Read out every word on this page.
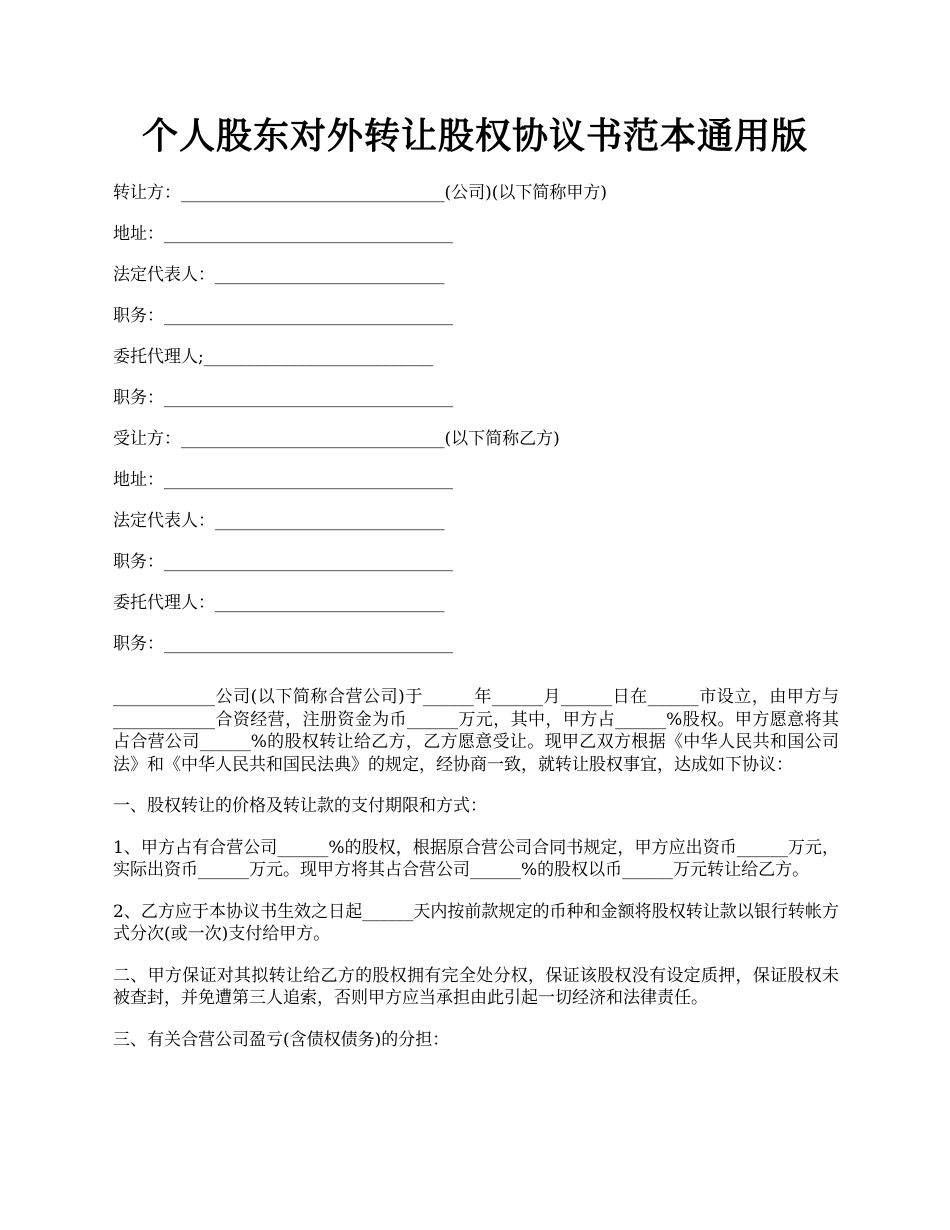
个人股东对外转让股权协议书范本通用版
转让方：_______________________________(公司)(以下简称甲方)
地址：__________________________________
法定代表人：___________________________
职务：__________________________________
委托代理人;___________________________
职务：__________________________________
受让方：_______________________________(以下简称乙方)
地址：__________________________________
法定代表人：___________________________
职务：__________________________________
委托代理人：___________________________
职务：__________________________________

____________公司(以下简称合营公司)于______年______月______日在______市设立，由甲方与____________合资经营，注册资金为币______万元，其中，甲方占______%股权。甲方愿意将其占合营公司______%的股权转让给乙方，乙方愿意受让。现甲乙双方根据《中华人民共和国公司法》和《中华人民共和国民法典》的规定，经协商一致，就转让股权事宜，达成如下协议：

一、股权转让的价格及转让款的支付期限和方式：

1、甲方占有合营公司______%的股权，根据原合营公司合同书规定，甲方应出资币______万元，实际出资币______万元。现甲方将其占合营公司______%的股权以币______万元转让给乙方。

2、乙方应于本协议书生效之日起______天内按前款规定的币种和金额将股权转让款以银行转帐方式分次(或一次)支付给甲方。

二、甲方保证对其拟转让给乙方的股权拥有完全处分权，保证该股权没有设定质押，保证股权未被查封，并免遭第三人追索，否则甲方应当承担由此引起一切经济和法律责任。

三、有关合营公司盈亏(含债权债务)的分担：
